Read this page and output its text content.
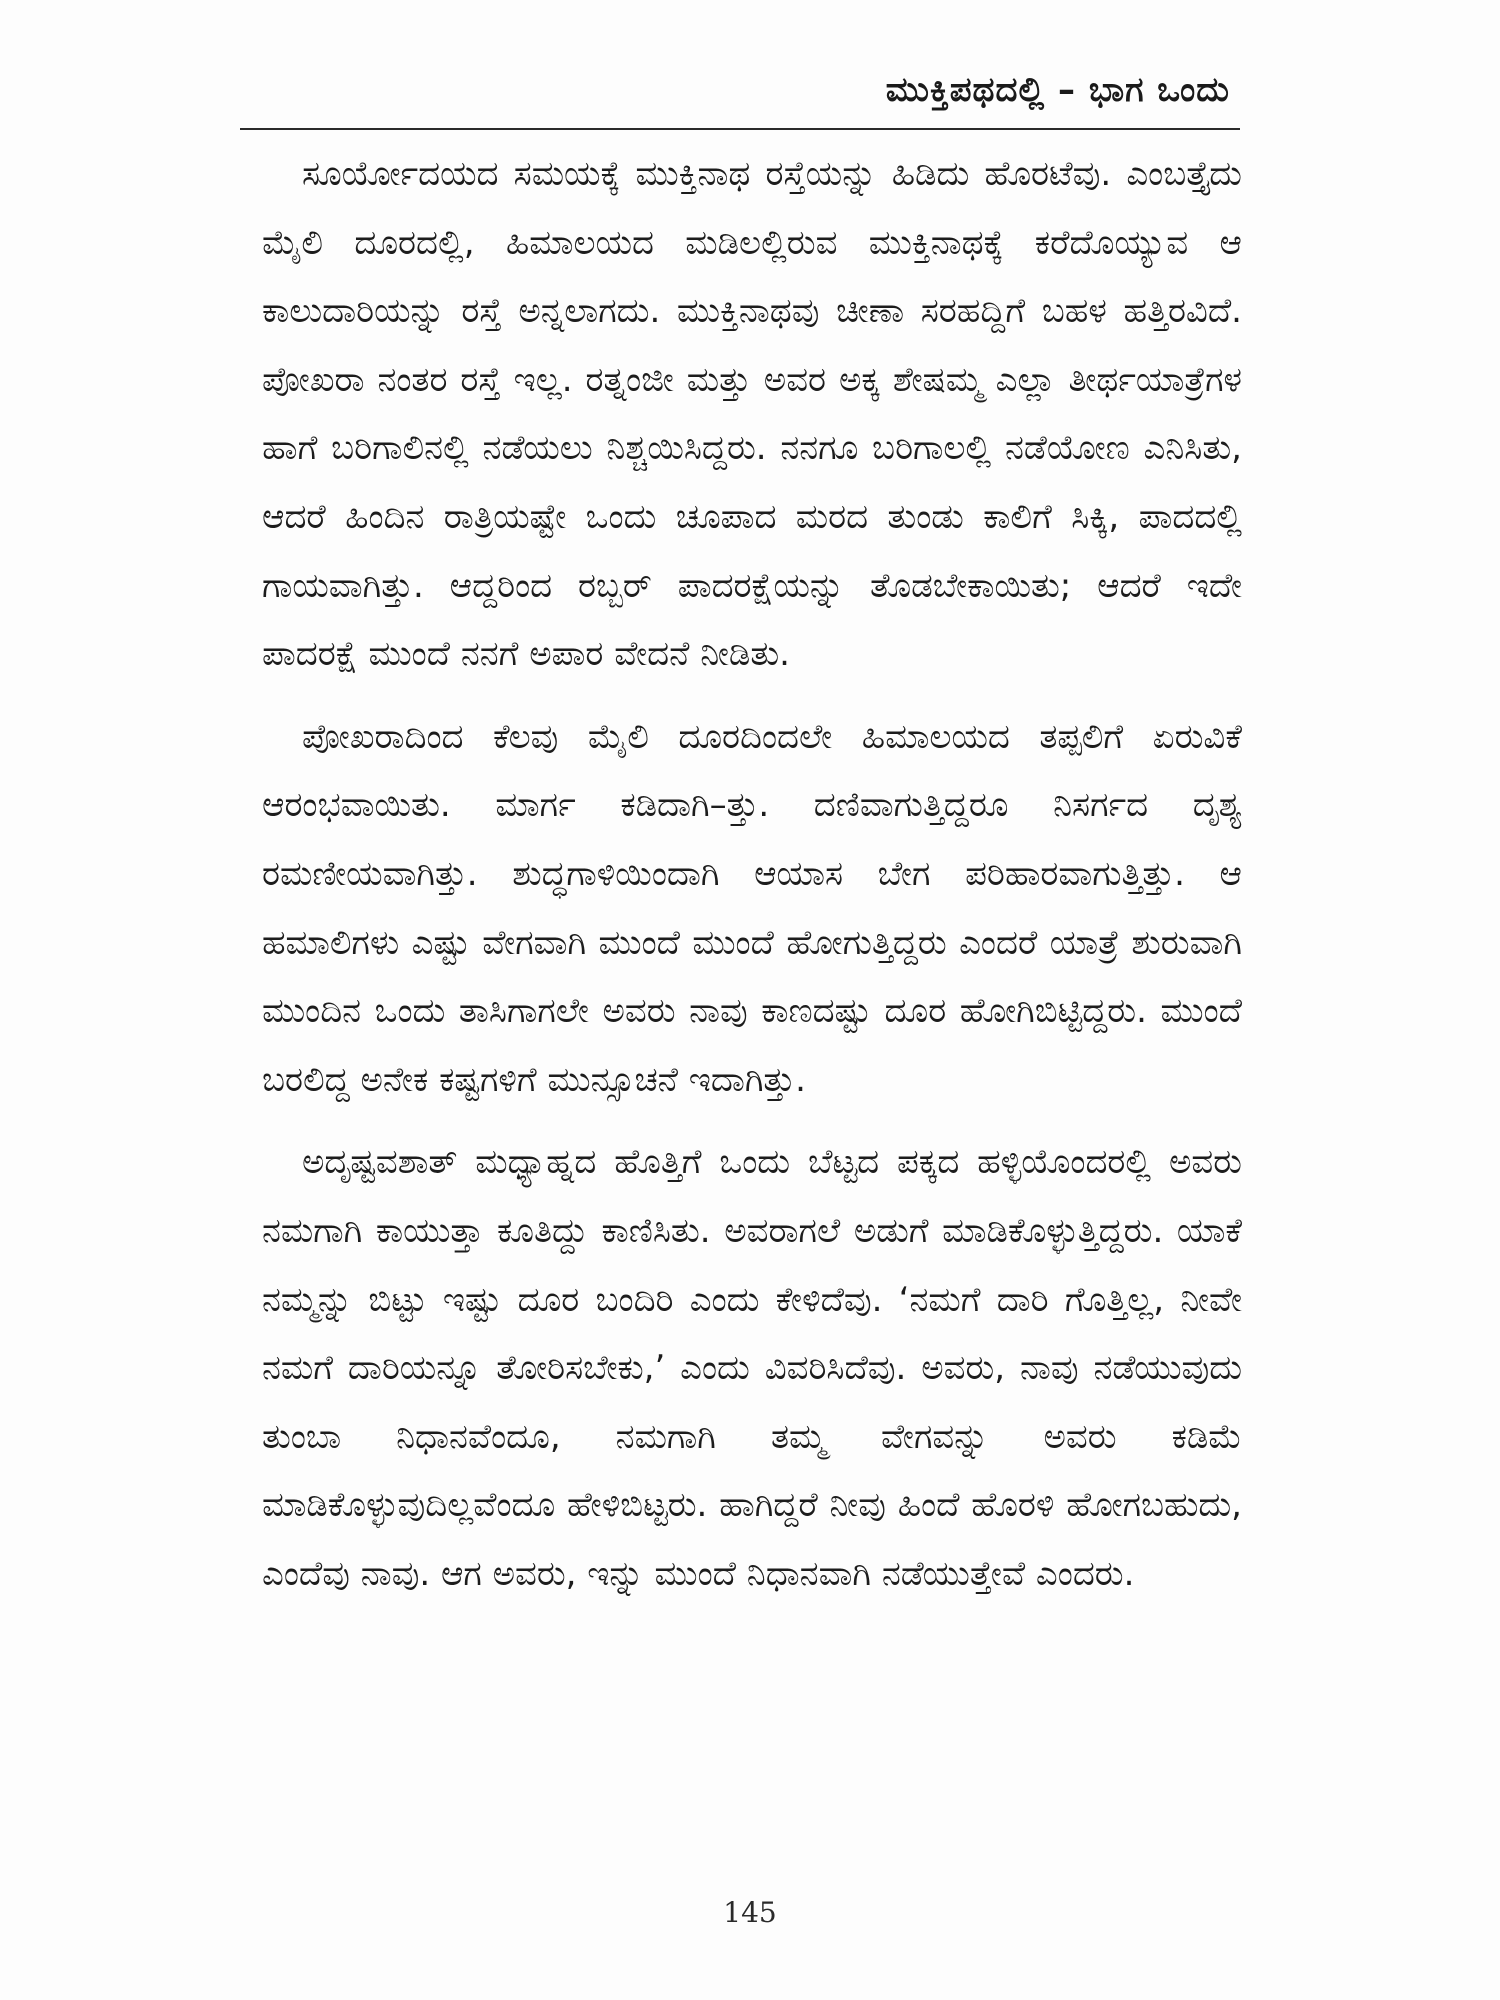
ಮುಕ್ತಿಪಥದಲ್ಲಿ – ಭಾಗ ಒಂದು

ಸೂರ್ಯೋದಯದ ಸಮಯಕ್ಕೆ ಮುಕ್ತಿನಾಥ ರಸ್ತೆಯನ್ನು ಹಿಡಿದು ಹೊರಟೆವು. ಎಂಬತ್ತೈದು ಮೈಲಿ ದೂರದಲ್ಲಿ, ಹಿಮಾಲಯದ ಮಡಿಲಲ್ಲಿರುವ ಮುಕ್ತಿನಾಥಕ್ಕೆ ಕರೆದೊಯ್ಯುವ ಆ ಕಾಲುದಾರಿಯನ್ನು ರಸ್ತೆ ಅನ್ನಲಾಗದು. ಮುಕ್ತಿನಾಥವು ಚೀಣಾ ಸರಹದ್ದಿಗೆ ಬಹಳ ಹತ್ತಿರವಿದೆ. ಪೋಖರಾ ನಂತರ ರಸ್ತೆ ಇಲ್ಲ. ರತ್ನಂಜೀ ಮತ್ತು ಅವರ ಅಕ್ಕ ಶೇಷಮ್ಮ ಎಲ್ಲಾ ತೀರ್ಥಯಾತ್ರೆಗಳ ಹಾಗೆ ಬರಿಗಾಲಿನಲ್ಲಿ ನಡೆಯಲು ನಿಶ್ಚಯಿಸಿದ್ದರು. ನನಗೂ ಬರಿಗಾಲಲ್ಲಿ ನಡೆಯೋಣ ಎನಿಸಿತು, ಆದರೆ ಹಿಂದಿನ ರಾತ್ರಿಯಷ್ಟೇ ಒಂದು ಚೂಪಾದ ಮರದ ತುಂಡು ಕಾಲಿಗೆ ಸಿಕ್ಕಿ, ಪಾದದಲ್ಲಿ ಗಾಯವಾಗಿತ್ತು. ಆದ್ದರಿಂದ ರಬ್ಬರ್ ಪಾದರಕ್ಷೆಯನ್ನು ತೊಡಬೇಕಾಯಿತು; ಆದರೆ ಇದೇ ಪಾದರಕ್ಷೆ ಮುಂದೆ ನನಗೆ ಅಪಾರ ವೇದನೆ ನೀಡಿತು.

ಪೋಖರಾದಿಂದ ಕೆಲವು ಮೈಲಿ ದೂರದಿಂದಲೇ ಹಿಮಾಲಯದ ತಪ್ಪಲಿಗೆ ಏರುವಿಕೆ ಆರಂಭವಾಯಿತು. ಮಾರ್ಗ ಕಡಿದಾಗಿ–ತ್ತು. ದಣಿವಾಗುತ್ತಿದ್ದರೂ ನಿಸರ್ಗದ ದೃಶ್ಯ ರಮಣೀಯವಾಗಿತ್ತು. ಶುದ್ಧಗಾಳಿಯಿಂದಾಗಿ ಆಯಾಸ ಬೇಗ ಪರಿಹಾರವಾಗುತ್ತಿತ್ತು. ಆ ಹಮಾಲಿಗಳು ಎಷ್ಟು ವೇಗವಾಗಿ ಮುಂದೆ ಮುಂದೆ ಹೋಗುತ್ತಿದ್ದರು ಎಂದರೆ ಯಾತ್ರೆ ಶುರುವಾಗಿ ಮುಂದಿನ ಒಂದು ತಾಸಿಗಾಗಲೇ ಅವರು ನಾವು ಕಾಣದಷ್ಟು ದೂರ ಹೋಗಿಬಿಟ್ಟಿದ್ದರು. ಮುಂದೆ ಬರಲಿದ್ದ ಅನೇಕ ಕಷ್ಟಗಳಿಗೆ ಮುನ್ಸೂಚನೆ ಇದಾಗಿತ್ತು.

ಅದೃಷ್ಟವಶಾತ್ ಮಧ್ಯಾಹ್ನದ ಹೊತ್ತಿಗೆ ಒಂದು ಬೆಟ್ಟದ ಪಕ್ಕದ ಹಳ್ಳಿಯೊಂದರಲ್ಲಿ ಅವರು ನಮಗಾಗಿ ಕಾಯುತ್ತಾ ಕೂತಿದ್ದು ಕಾಣಿಸಿತು. ಅವರಾಗಲೆ ಅಡುಗೆ ಮಾಡಿಕೊಳ್ಳುತ್ತಿದ್ದರು. ಯಾಕೆ ನಮ್ಮನ್ನು ಬಿಟ್ಟು ಇಷ್ಟು ದೂರ ಬಂದಿರಿ ಎಂದು ಕೇಳಿದೆವು. ‘ನಮಗೆ ದಾರಿ ಗೊತ್ತಿಲ್ಲ, ನೀವೇ ನಮಗೆ ದಾರಿಯನ್ನೂ ತೋರಿಸಬೇಕು,’ ಎಂದು ವಿವರಿಸಿದೆವು. ಅವರು, ನಾವು ನಡೆಯುವುದು ತುಂಬಾ ನಿಧಾನವೆಂದೂ, ನಮಗಾಗಿ ತಮ್ಮ ವೇಗವನ್ನು ಅವರು ಕಡಿಮೆ ಮಾಡಿಕೊಳ್ಳುವುದಿಲ್ಲವೆಂದೂ ಹೇಳಿಬಿಟ್ಟರು. ಹಾಗಿದ್ದರೆ ನೀವು ಹಿಂದೆ ಹೊರಳಿ ಹೋಗಬಹುದು, ಎಂದೆವು ನಾವು. ಆಗ ಅವರು, ಇನ್ನು ಮುಂದೆ ನಿಧಾನವಾಗಿ ನಡೆಯುತ್ತೇವೆ ಎಂದರು.

145
